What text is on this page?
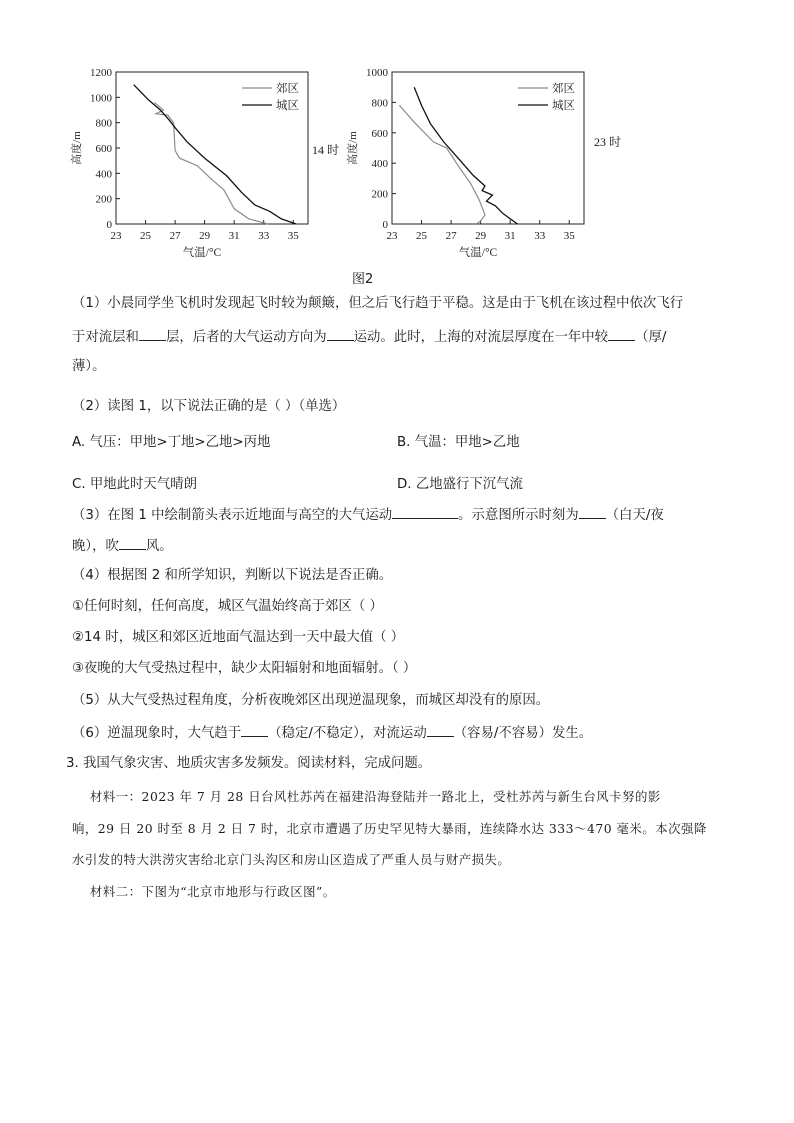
23 25 27 29 31 33 35
0
200
400
600
800
1000
1200
气温/°C
高度/m
郊区
城区
14 时
23 25 27 29 31 33 35
0
200
400
600
800
1000
气温/°C
高度/m
郊区
城区
23 时
图2
（1）小晨同学坐飞机时发现起飞时较为颠簸，但之后飞行趋于平稳。这是由于飞机在该过程中依次飞行
于对流层和 层，后者的大气运动方向为 运动。此时，上海的对流层厚度在一年中较 （厚/
薄）。
（2）读图 1，以下说法正确的是（ ）（单选）
A. 气压：甲地>丁地>乙地>丙地	B. 气温：甲地>乙地
C. 甲地此时天气晴朗	D. 乙地盛行下沉气流
（3）在图 1 中绘制箭头表示近地面与高空的大气运动	。示意图所示时刻为 （白天/夜
晚），吹 风。
（4）根据图 2 和所学知识，判断以下说法是否正确。
①任何时刻，任何高度，城区气温始终高于郊区（ ）
②14 时，城区和郊区近地面气温达到一天中最大值（ ）
③夜晚的大气受热过程中，缺少太阳辐射和地面辐射。（ ）
（5）从大气受热过程角度，分析夜晚郊区出现逆温现象，而城区却没有的原因。
（6）逆温现象时，大气趋于 （稳定/不稳定），对流运动 （容易/不容易）发生。
3. 我国气象灾害、地质灾害多发频发。阅读材料，完成问题。
材料一：2023 年 7 月 28 日台风杜苏芮在福建沿海登陆并一路北上，受杜苏芮与新生台风卡努的影
响，29 日 20 时至 8 月 2 日 7 时，北京市遭遇了历史罕见特大暴雨，连续降水达 333～470 毫米。本次强降
水引发的特大洪涝灾害给北京门头沟区和房山区造成了严重人员与财产损失。
材料二：下图为“北京市地形与行政区图”。
